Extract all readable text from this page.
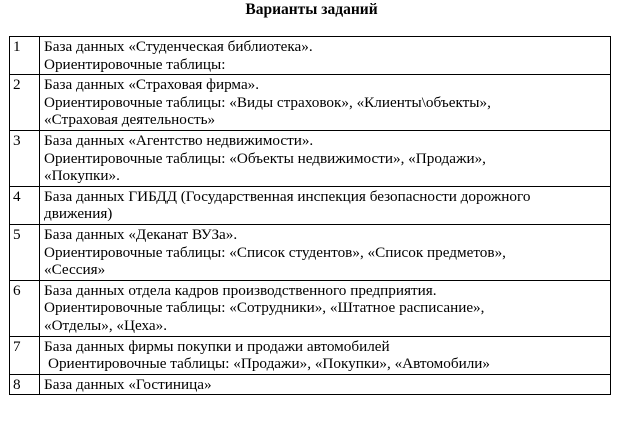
Варианты заданий
1	База данных «Студенческая библиотека».
Ориентировочные таблицы:

2	База данных «Страховая фирма».
Ориентировочные таблицы: «Виды страховок», «Клиенты\объекты»,
«Страховая деятельность»

3	База данных «Агентство недвижимости».
Ориентировочные таблицы: «Объекты недвижимости», «Продажи»,
«Покупки».

4	База данных ГИБДД (Государственная инспекция безопасности дорожного
движения)

5	База данных «Деканат ВУЗа».
Ориентировочные таблицы: «Список студентов», «Список предметов»,
«Сессия»

6	База данных отдела кадров производственного предприятия.
Ориентировочные таблицы: «Сотрудники», «Штатное расписание»,
«Отделы», «Цеха».

7	База данных фирмы покупки и продажи автомобилей
Ориентировочные таблицы: «Продажи», «Покупки», «Автомобили»

8	База данных «Гостиница»
